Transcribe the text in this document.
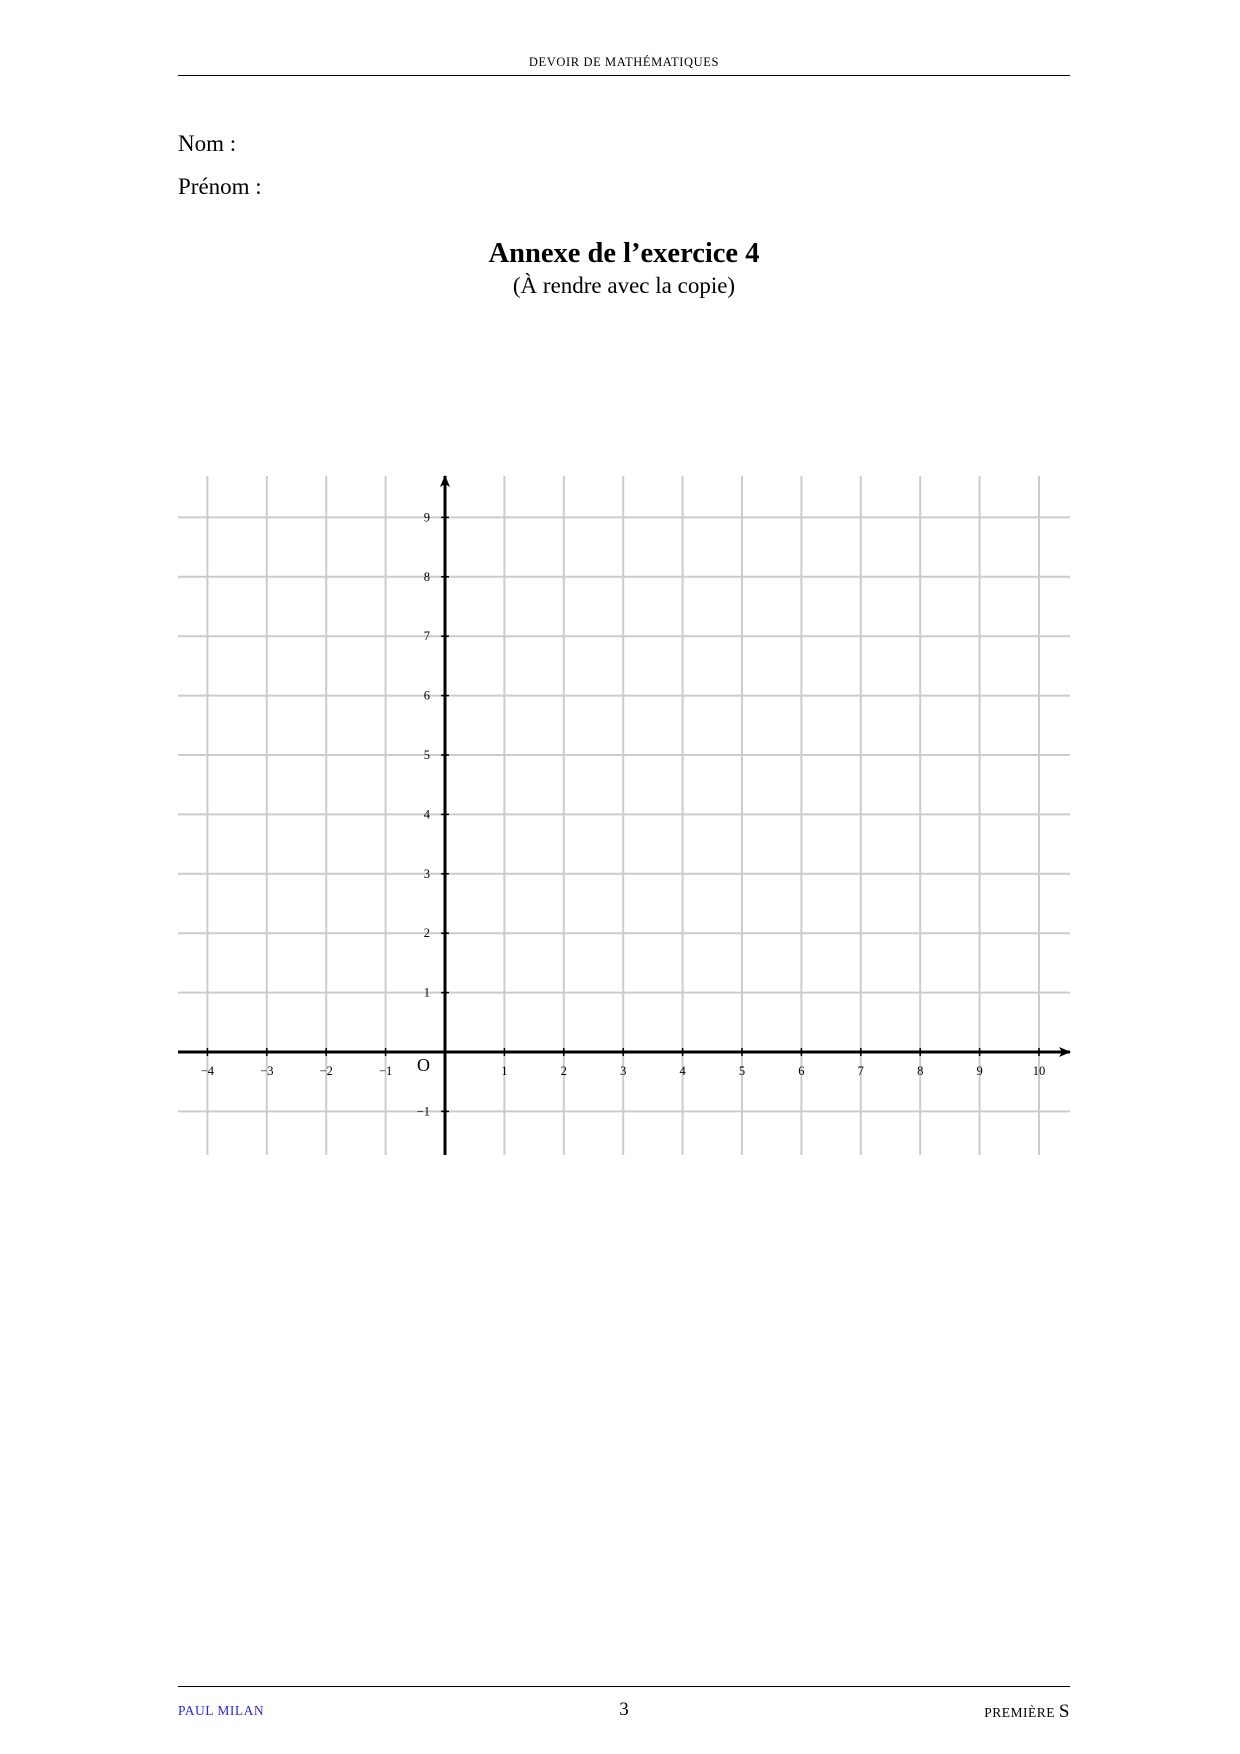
DEVOIR DE MATHÉMATIQUES
Nom :
Prénom :
Annexe de l’exercice 4
(À rendre avec la copie)
−4	−3	−2	−1	1	2	3	4	5	6	7	8	9	10
−1
1
2
3
4
5
6
7
8
9
O
PAUL MILAN	3	PREMIÈRE S
